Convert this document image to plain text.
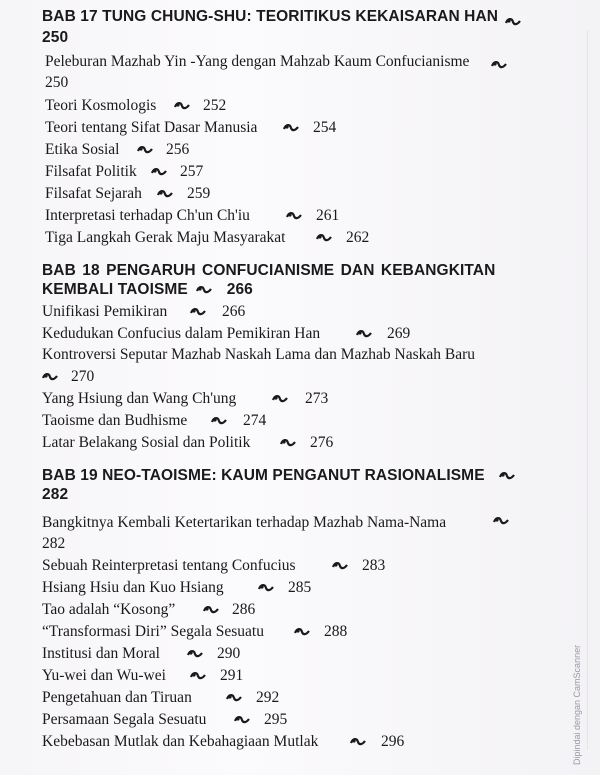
BAB 17 TUNG CHUNG-SHU: TEORITIKUS KEKAISARAN HAN
250
Peleburan Mazhab Yin -Yang dengan Mahzab Kaum Confucianisme
250
Teori Kosmologis	252
Teori tentang Sifat Dasar Manusia	254
Etika Sosial	256
Filsafat Politik	257
Filsafat Sejarah	259
Interpretasi terhadap Ch'un Ch'iu	261
Tiga Langkah Gerak Maju Masyarakat	262
BAB 18 PENGARUH CONFUCIANISME DAN KEBANGKITAN
KEMBALI TAOISME	266
Unifikasi Pemikiran	266
Kedudukan Confucius dalam Pemikiran Han	269
Kontroversi Seputar Mazhab Naskah Lama dan Mazhab Naskah Baru
270
Yang Hsiung dan Wang Ch'ung	273
Taoisme dan Budhisme	274
Latar Belakang Sosial dan Politik	276
BAB 19 NEO-TAOISME: KAUM PENGANUT RASIONALISME
282
Bangkitnya Kembali Ketertarikan terhadap Mazhab Nama-Nama
282
Sebuah Reinterpretasi tentang Confucius	283
Hsiang Hsiu dan Kuo Hsiang	285
Tao adalah “Kosong”	286
“Transformasi Diri” Segala Sesuatu	288
Institusi dan Moral	290
Yu-wei dan Wu-wei	291
Pengetahuan dan Tiruan	292
Persamaan Segala Sesuatu	295
Kebebasan Mutlak dan Kebahagiaan Mutlak	296	Dipindai dengan CamScanner
